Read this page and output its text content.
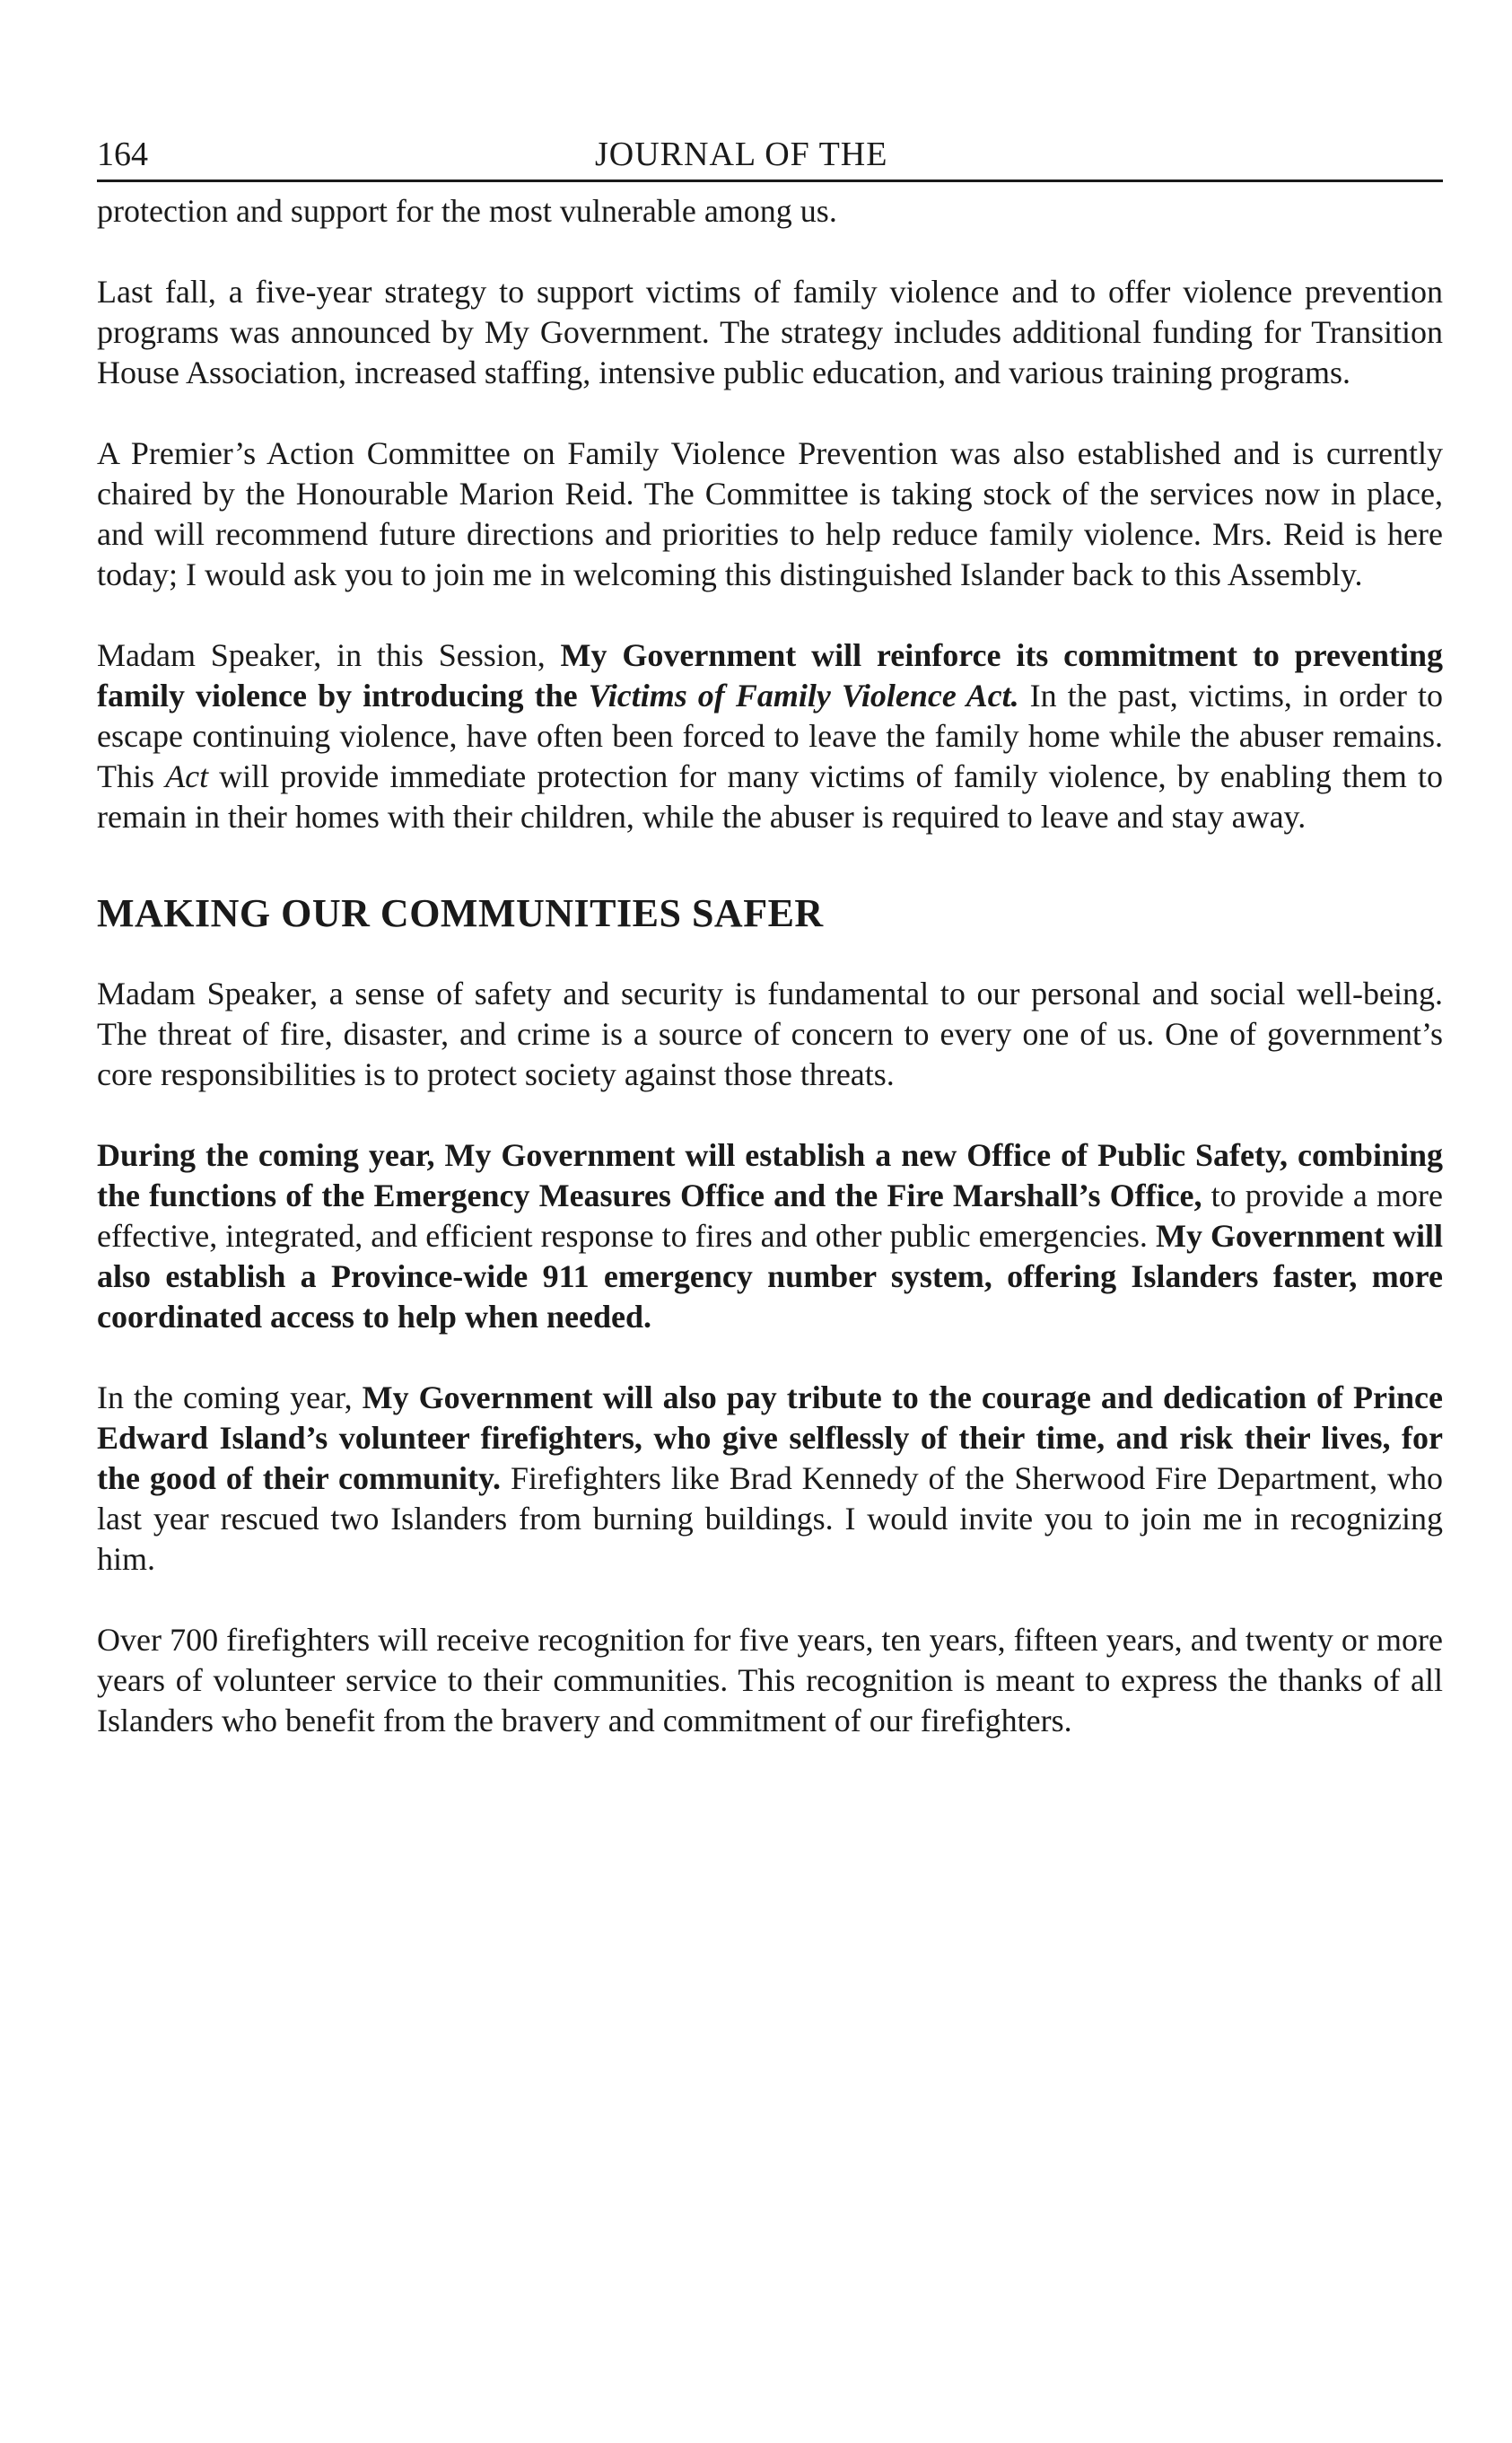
164	JOURNAL OF THE

protection and support for the most vulnerable among us.

Last fall, a five-year strategy to support victims of family violence and to offer violence prevention programs was announced by My Government. The strategy includes additional funding for Transition House Association, increased staffing, intensive public education, and various training programs.

A Premier’s Action Committee on Family Violence Prevention was also established and is currently chaired by the Honourable Marion Reid. The Committee is taking stock of the services now in place, and will recommend future directions and priorities to help reduce family violence. Mrs. Reid is here today; I would ask you to join me in welcoming this distinguished Islander back to this Assembly.

Madam Speaker, in this Session, My Government will reinforce its commitment to preventing family violence by introducing the Victims of Family Violence Act. In the past, victims, in order to escape continuing violence, have often been forced to leave the family home while the abuser remains. This Act will provide immediate protection for many victims of family violence, by enabling them to remain in their homes with their children, while the abuser is required to leave and stay away.

MAKING OUR COMMUNITIES SAFER

Madam Speaker, a sense of safety and security is fundamental to our personal and social well-being. The threat of fire, disaster, and crime is a source of concern to every one of us. One of government’s core responsibilities is to protect society against those threats.

During the coming year, My Government will establish a new Office of Public Safety, combining the functions of the Emergency Measures Office and the Fire Marshall’s Office, to provide a more effective, integrated, and efficient response to fires and other public emergencies. My Government will also establish a Province-wide 911 emergency number system, offering Islanders faster, more coordinated access to help when needed.

In the coming year, My Government will also pay tribute to the courage and dedication of Prince Edward Island’s volunteer firefighters, who give selflessly of their time, and risk their lives, for the good of their community. Firefighters like Brad Kennedy of the Sherwood Fire Department, who last year rescued two Islanders from burning buildings. I would invite you to join me in recognizing him.

Over 700 firefighters will receive recognition for five years, ten years, fifteen years, and twenty or more years of volunteer service to their communities. This recognition is meant to express the thanks of all Islanders who benefit from the bravery and commitment of our firefighters.
